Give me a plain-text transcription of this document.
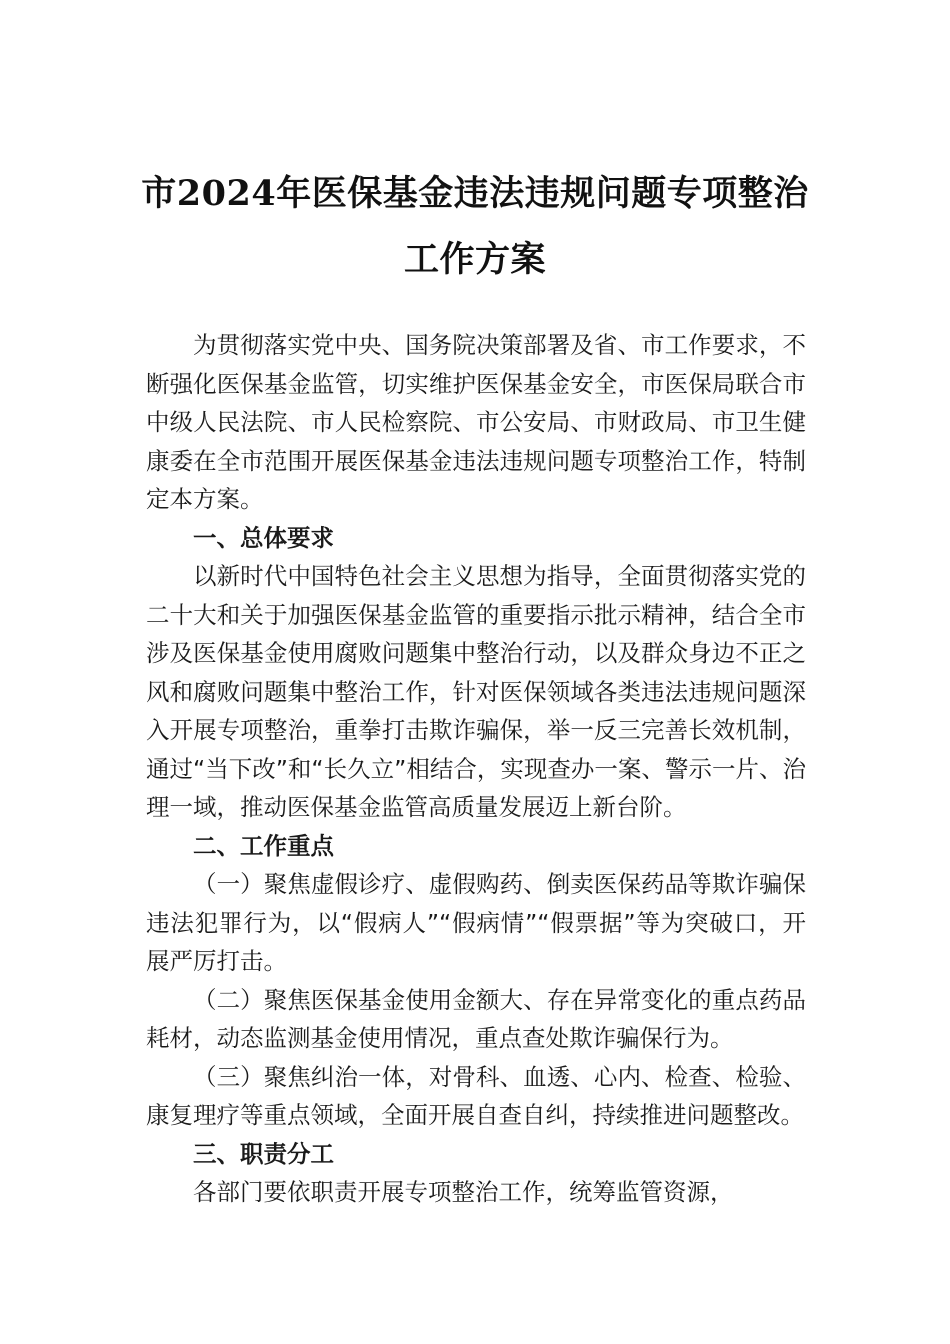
市2024年医保基金违法违规问题专项整治
工作方案

为贯彻落实党中央、国务院决策部署及省、市工作要求，不断强化医保基金监管，切实维护医保基金安全，市医保局联合市中级人民法院、市人民检察院、市公安局、市财政局、市卫生健康委在全市范围开展医保基金违法违规问题专项整治工作，特制定本方案。

一、总体要求

以新时代中国特色社会主义思想为指导，全面贯彻落实党的二十大和关于加强医保基金监管的重要指示批示精神，结合全市涉及医保基金使用腐败问题集中整治行动，以及群众身边不正之风和腐败问题集中整治工作，针对医保领域各类违法违规问题深入开展专项整治，重拳打击欺诈骗保，举一反三完善长效机制，通过“当下改”和“长久立”相结合，实现查办一案、警示一片、治理一域，推动医保基金监管高质量发展迈上新台阶。

二、工作重点

（一）聚焦虚假诊疗、虚假购药、倒卖医保药品等欺诈骗保违法犯罪行为，以“假病人”“假病情”“假票据”等为突破口，开展严厉打击。

（二）聚焦医保基金使用金额大、存在异常变化的重点药品耗材，动态监测基金使用情况，重点查处欺诈骗保行为。

（三）聚焦纠治一体，对骨科、血透、心内、检查、检验、康复理疗等重点领域，全面开展自查自纠，持续推进问题整改。

三、职责分工

各部门要依职责开展专项整治工作，统筹监管资源，
